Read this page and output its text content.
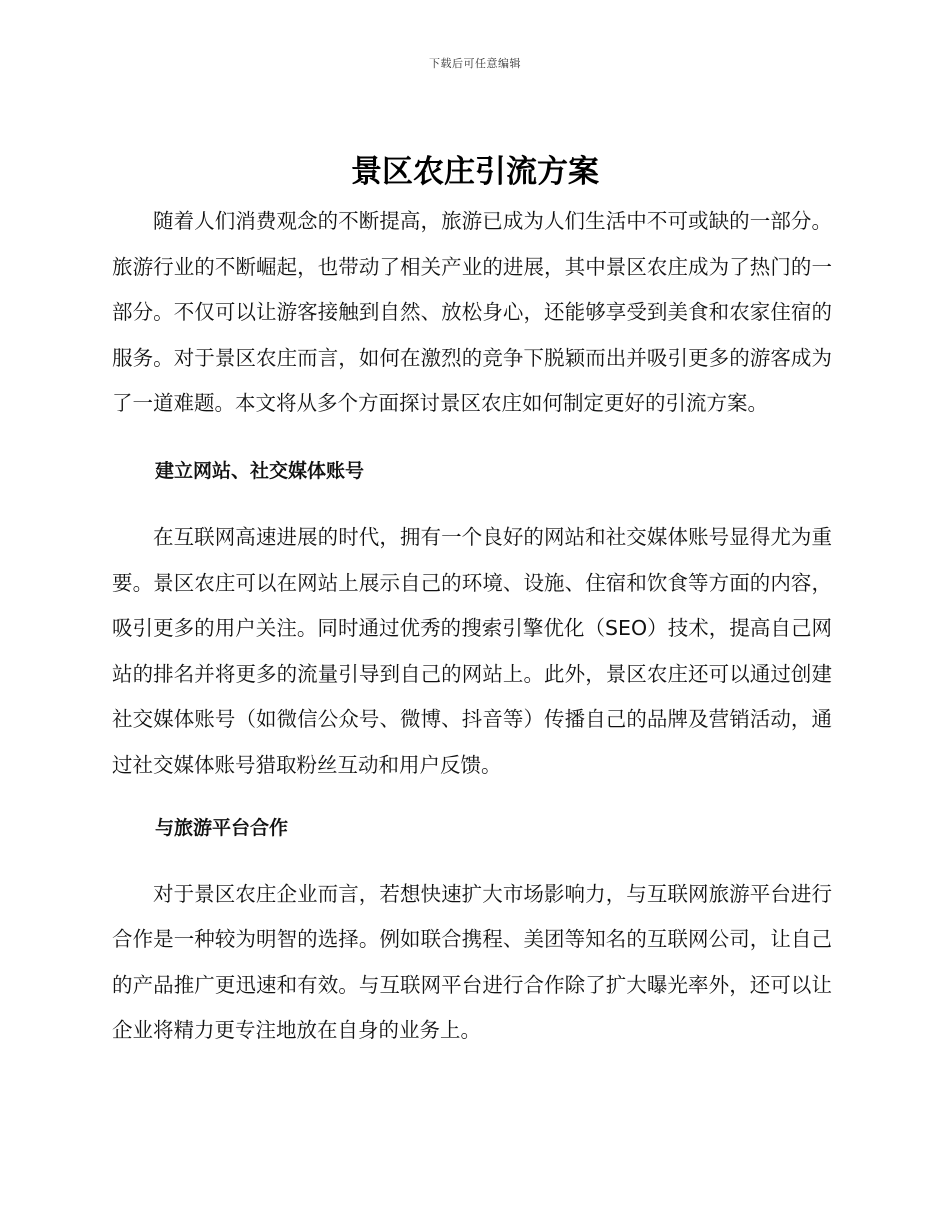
下载后可任意编辑
景区农庄引流方案

随着人们消费观念的不断提高，旅游已成为人们生活中不可或缺的一部分。旅游行业的不断崛起，也带动了相关产业的进展，其中景区农庄成为了热门的一部分。不仅可以让游客接触到自然、放松身心，还能够享受到美食和农家住宿的服务。对于景区农庄而言，如何在激烈的竞争下脱颖而出并吸引更多的游客成为了一道难题。本文将从多个方面探讨景区农庄如何制定更好的引流方案。

建立网站、社交媒体账号

在互联网高速进展的时代，拥有一个良好的网站和社交媒体账号显得尤为重要。景区农庄可以在网站上展示自己的环境、设施、住宿和饮食等方面的内容，吸引更多的用户关注。同时通过优秀的搜索引擎优化（SEO）技术，提高自己网站的排名并将更多的流量引导到自己的网站上。此外，景区农庄还可以通过创建社交媒体账号（如微信公众号、微博、抖音等）传播自己的品牌及营销活动，通过社交媒体账号猎取粉丝互动和用户反馈。

与旅游平台合作

对于景区农庄企业而言，若想快速扩大市场影响力，与互联网旅游平台进行合作是一种较为明智的选择。例如联合携程、美团等知名的互联网公司，让自己的产品推广更迅速和有效。与互联网平台进行合作除了扩大曝光率外，还可以让企业将精力更专注地放在自身的业务上。
